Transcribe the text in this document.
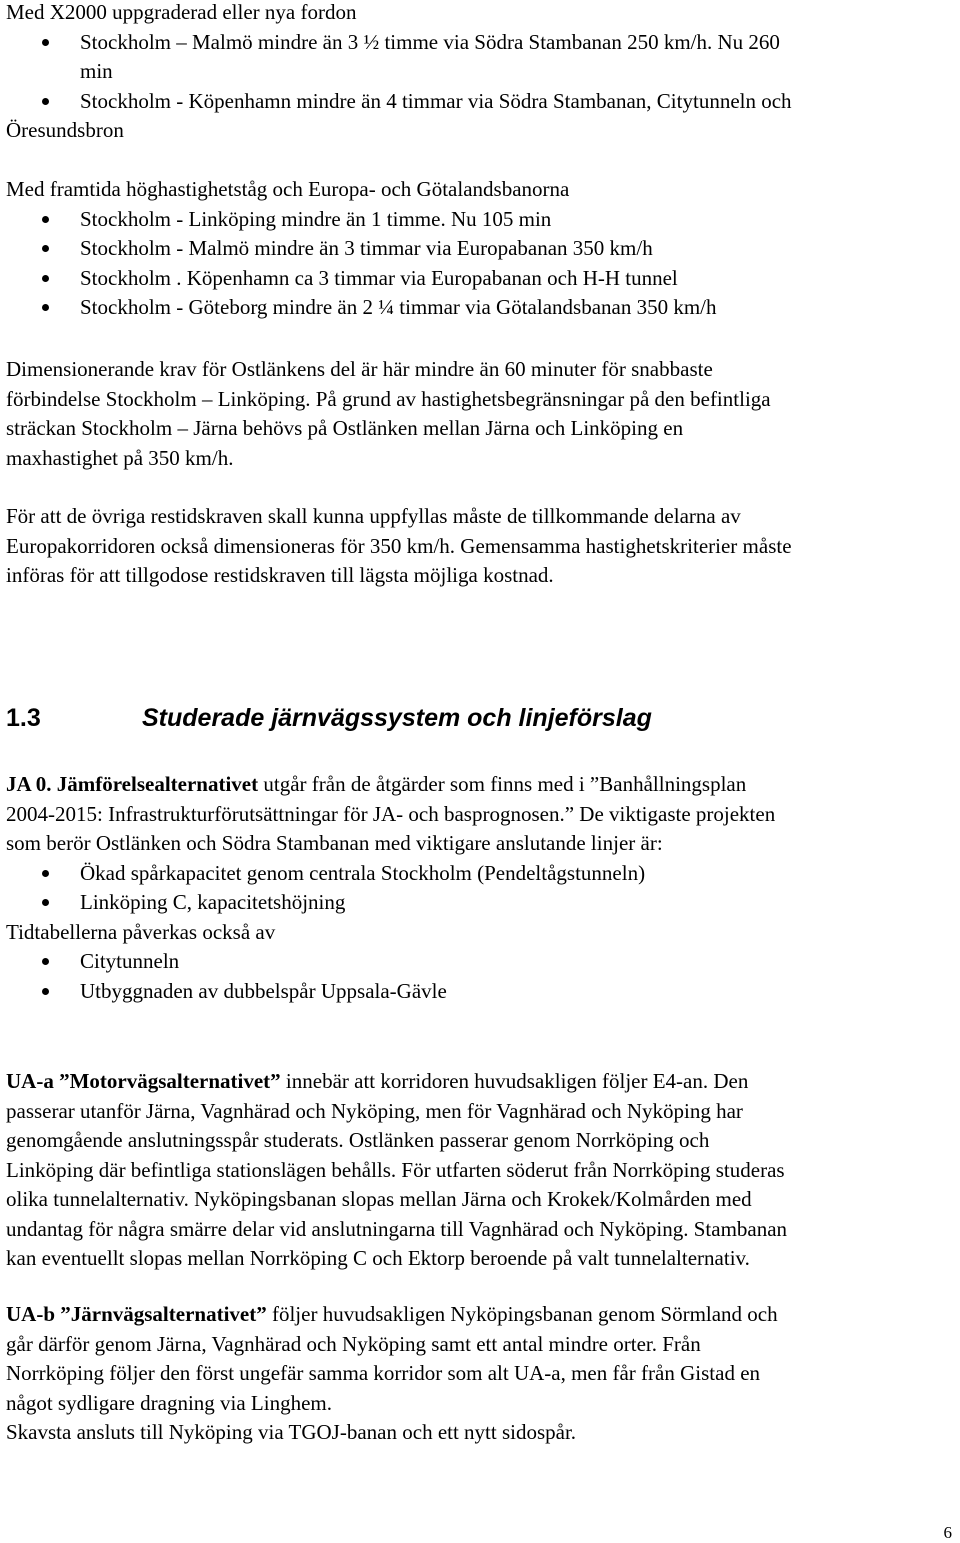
Med X2000 uppgraderad eller nya fordon
Stockholm – Malmö mindre än 3 ½ timme via Södra Stambanan 250 km/h. Nu 260
min
Stockholm - Köpenhamn mindre än 4 timmar via Södra Stambanan, Citytunneln och
Öresundsbron
Med framtida höghastighetståg och Europa- och Götalandsbanorna
Stockholm - Linköping mindre än 1 timme. Nu 105 min
Stockholm - Malmö mindre än 3 timmar via Europabanan 350 km/h
Stockholm . Köpenhamn ca 3 timmar via Europabanan och H-H tunnel
Stockholm - Göteborg mindre än 2 ¼ timmar via Götalandsbanan 350 km/h
Dimensionerande krav för Ostlänkens del är här mindre än 60 minuter för snabbaste
förbindelse Stockholm – Linköping. På grund av hastighetsbegränsningar på den befintliga
sträckan Stockholm – Järna behövs på Ostlänken mellan Järna och Linköping en
maxhastighet på 350 km/h.
För att de övriga restidskraven skall kunna uppfyllas måste de tillkommande delarna av
Europakorridoren också dimensioneras för 350 km/h. Gemensamma hastighetskriterier måste
införas för att tillgodose restidskraven till lägsta möjliga kostnad.
1.3	Studerade järnvägssystem och linjeförslag
JA 0. Jämförelsealternativet utgår från de åtgärder som finns med i ”Banhållningsplan
2004-2015: Infrastrukturförutsättningar för JA- och basprognosen.” De viktigaste projekten
som berör Ostlänken och Södra Stambanan med viktigare anslutande linjer är:
Ökad spårkapacitet genom centrala Stockholm (Pendeltågstunneln)
Linköping C, kapacitetshöjning
Tidtabellerna påverkas också av
Citytunneln
Utbyggnaden av dubbelspår Uppsala-Gävle
UA-a ”Motorvägsalternativet” innebär att korridoren huvudsakligen följer E4-an. Den
passerar utanför Järna, Vagnhärad och Nyköping, men för Vagnhärad och Nyköping har
genomgående anslutningsspår studerats. Ostlänken passerar genom Norrköping och
Linköping där befintliga stationslägen behålls. För utfarten söderut från Norrköping studeras
olika tunnelalternativ. Nyköpingsbanan slopas mellan Järna och Krokek/Kolmården med
undantag för några smärre delar vid anslutningarna till Vagnhärad och Nyköping. Stambanan
kan eventuellt slopas mellan Norrköping C och Ektorp beroende på valt tunnelalternativ.
UA-b ”Järnvägsalternativet” följer huvudsakligen Nyköpingsbanan genom Sörmland och
går därför genom Järna, Vagnhärad och Nyköping samt ett antal mindre orter. Från
Norrköping följer den först ungefär samma korridor som alt UA-a, men får från Gistad en
något sydligare dragning via Linghem.
Skavsta ansluts till Nyköping via TGOJ-banan och ett nytt sidospår.
6
